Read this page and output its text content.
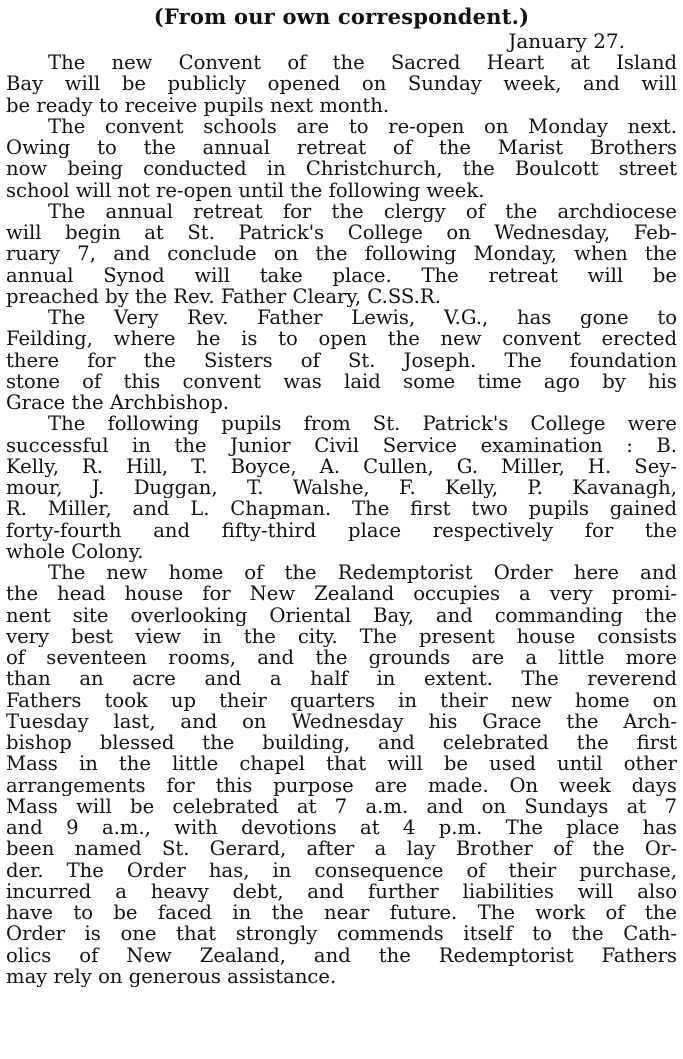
(From our own correspondent.)

January 27.

The new Convent of the Sacred Heart at Island
Bay will be publicly opened on Sunday week, and will
be ready to receive pupils next month.
The convent schools are to re-open on Monday next.
Owing to the annual retreat of the Marist Brothers
now being conducted in Christchurch, the Boulcott street
school will not re-open until the following week.
The annual retreat for the clergy of the archdiocese
will begin at St. Patrick's College on Wednesday, Feb-
ruary 7, and conclude on the following Monday, when the
annual Synod will take place. The retreat will be
preached by the Rev. Father Cleary, C.SS.R.
The Very Rev. Father Lewis, V.G., has gone to
Feilding, where he is to open the new convent erected
there for the Sisters of St. Joseph. The foundation
stone of this convent was laid some time ago by his
Grace the Archbishop.
The following pupils from St. Patrick's College were
successful in the Junior Civil Service examination : B.
Kelly, R. Hill, T. Boyce, A. Cullen, G. Miller, H. Sey-
mour, J. Duggan, T. Walshe, F. Kelly, P. Kavanagh,
R. Miller, and L. Chapman. The first two pupils gained
forty-fourth and fifty-third place respectively for the
whole Colony.
The new home of the Redemptorist Order here and
the head house for New Zealand occupies a very promi-
nent site overlooking Oriental Bay, and commanding the
very best view in the city. The present house consists
of seventeen rooms, and the grounds are a little more
than an acre and a half in extent. The reverend
Fathers took up their quarters in their new home on
Tuesday last, and on Wednesday his Grace the Arch-
bishop blessed the building, and celebrated the first
Mass in the little chapel that will be used until other
arrangements for this purpose are made. On week days
Mass will be celebrated at 7 a.m. and on Sundays at 7
and 9 a.m., with devotions at 4 p.m. The place has
been named St. Gerard, after a lay Brother of the Or-
der. The Order has, in consequence of their purchase,
incurred a heavy debt, and further liabilities will also
have to be faced in the near future. The work of the
Order is one that strongly commends itself to the Cath-
olics of New Zealand, and the Redemptorist Fathers
may rely on generous assistance.
